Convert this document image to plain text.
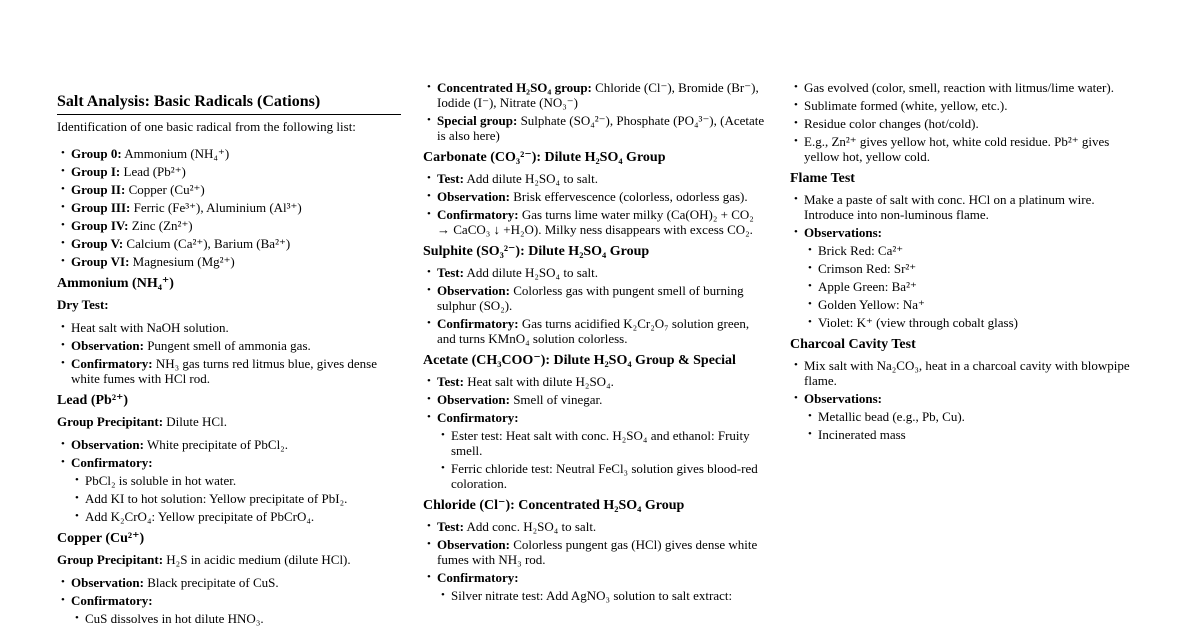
Salt Analysis: Basic Radicals (Cations)
Identification of one basic radical from the following list:
• Group 0: Ammonium (NH₄⁺)
• Group I: Lead (Pb²⁺)
• Group II: Copper (Cu²⁺)
• Group III: Ferric (Fe³⁺), Aluminium (Al³⁺)
• Group IV: Zinc (Zn²⁺)
• Group V: Calcium (Ca²⁺), Barium (Ba²⁺)
• Group VI: Magnesium (Mg²⁺)
Ammonium (NH₄⁺)
Dry Test:
• Heat salt with NaOH solution.
• Observation: Pungent smell of ammonia gas.
• Confirmatory: NH₃ gas turns red litmus blue, gives dense white fumes with HCl rod.
Lead (Pb²⁺)
Group Precipitant: Dilute HCl.
• Observation: White precipitate of PbCl₂.
• Confirmatory:
• PbCl₂ is soluble in hot water.
• Add KI to hot solution: Yellow precipitate of PbI₂.
• Add K₂CrO₄: Yellow precipitate of PbCrO₄.
Copper (Cu²⁺)
Group Precipitant: H₂S in acidic medium (dilute HCl).
• Observation: Black precipitate of CuS.
• Confirmatory:
• CuS dissolves in hot dilute HNO₃.
• Concentrated H₂SO₄ group: Chloride (Cl⁻), Bromide (Br⁻), Iodide (I⁻), Nitrate (NO₃⁻)
• Special group: Sulphate (SO₄²⁻), Phosphate (PO₄³⁻), (Acetate is also here)
Carbonate (CO₃²⁻): Dilute H₂SO₄ Group
• Test: Add dilute H₂SO₄ to salt.
• Observation: Brisk effervescence (colorless, odorless gas).
• Confirmatory: Gas turns lime water milky (Ca(OH)₂ + CO₂ → CaCO₃ ↓ +H₂O). Milky ness disappears with excess CO₂.
Sulphite (SO₃²⁻): Dilute H₂SO₄ Group
• Test: Add dilute H₂SO₄ to salt.
• Observation: Colorless gas with pungent smell of burning sulphur (SO₂).
• Confirmatory: Gas turns acidified K₂Cr₂O₇ solution green, and turns KMnO₄ solution colorless.
Acetate (CH₃COO⁻): Dilute H₂SO₄ Group & Special
• Test: Heat salt with dilute H₂SO₄.
• Observation: Smell of vinegar.
• Confirmatory:
• Ester test: Heat salt with conc. H₂SO₄ and ethanol: Fruity smell.
• Ferric chloride test: Neutral FeCl₃ solution gives blood-red coloration.
Chloride (Cl⁻): Concentrated H₂SO₄ Group
• Test: Add conc. H₂SO₄ to salt.
• Observation: Colorless pungent gas (HCl) gives dense white fumes with NH₃ rod.
• Confirmatory:
• Silver nitrate test: Add AgNO₃ solution to salt extract:
• Gas evolved (color, smell, reaction with litmus/lime water).
• Sublimate formed (white, yellow, etc.).
• Residue color changes (hot/cold).
• E.g., Zn²⁺ gives yellow hot, white cold residue. Pb²⁺ gives yellow hot, yellow cold.
Flame Test
• Make a paste of salt with conc. HCl on a platinum wire. Introduce into non-luminous flame.
• Observations:
• Brick Red: Ca²⁺
• Crimson Red: Sr²⁺
• Apple Green: Ba²⁺
• Golden Yellow: Na⁺
• Violet: K⁺ (view through cobalt glass)
Charcoal Cavity Test
• Mix salt with Na₂CO₃, heat in a charcoal cavity with blowpipe flame.
• Observations:
• Metallic bead (e.g., Pb, Cu).
• Incinerated mass
